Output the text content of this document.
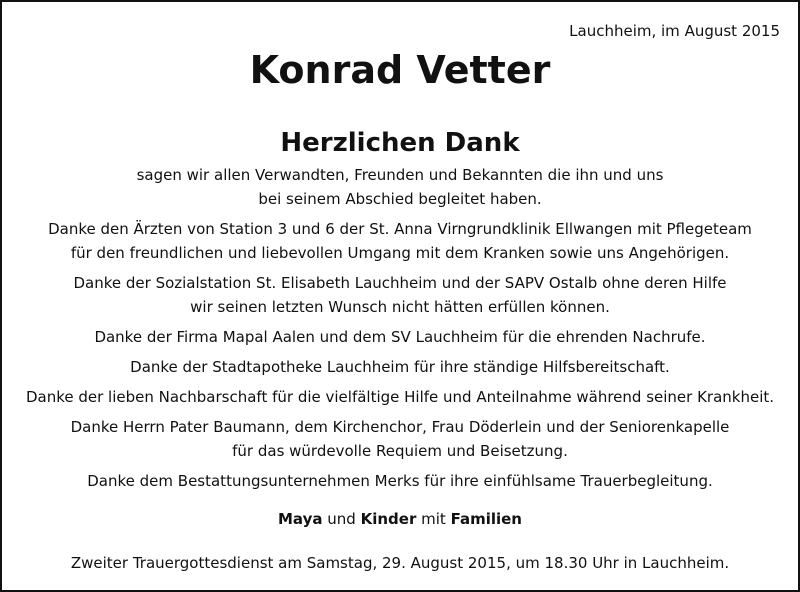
Lauchheim, im August 2015
Konrad Vetter
Herzlichen Dank
sagen wir allen Verwandten, Freunden und Bekannten die ihn und uns
bei seinem Abschied begleitet haben.
Danke den Ärzten von Station 3 und 6 der St. Anna Virngrundklinik Ellwangen mit Pflegeteam
für den freundlichen und liebevollen Umgang mit dem Kranken sowie uns Angehörigen.
Danke der Sozialstation St. Elisabeth Lauchheim und der SAPV Ostalb ohne deren Hilfe
wir seinen letzten Wunsch nicht hätten erfüllen können.
Danke der Firma Mapal Aalen und dem SV Lauchheim für die ehrenden Nachrufe.
Danke der Stadtapotheke Lauchheim für ihre ständige Hilfsbereitschaft.
Danke der lieben Nachbarschaft für die vielfältige Hilfe und Anteilnahme während seiner Krankheit.
Danke Herrn Pater Baumann, dem Kirchenchor, Frau Döderlein und der Seniorenkapelle
für das würdevolle Requiem und Beisetzung.
Danke dem Bestattungsunternehmen Merks für ihre einfühlsame Trauerbegleitung.
Maya und Kinder mit Familien
Zweiter Trauergottesdienst am Samstag, 29. August 2015, um 18.30 Uhr in Lauchheim.
